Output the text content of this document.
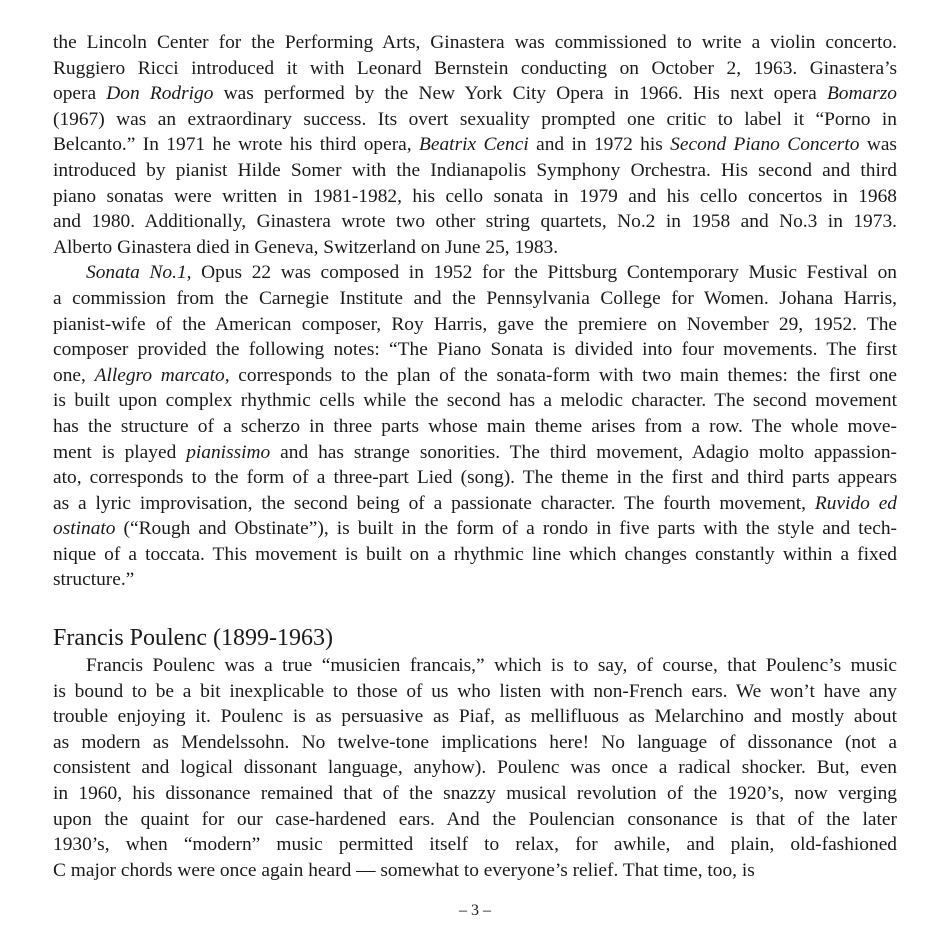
the Lincoln Center for the Performing Arts, Ginastera was commissioned to write a violin concerto.
Ruggiero Ricci introduced it with Leonard Bernstein conducting on October 2, 1963. Ginastera’s
opera Don Rodrigo was performed by the New York City Opera in 1966. His next opera Bomarzo
(1967) was an extraordinary success. Its overt sexuality prompted one critic to label it “Porno in
Belcanto.” In 1971 he wrote his third opera, Beatrix Cenci and in 1972 his Second Piano Concerto was
introduced by pianist Hilde Somer with the Indianapolis Symphony Orchestra. His second and third
piano sonatas were written in 1981-1982, his cello sonata in 1979 and his cello concertos in 1968
and 1980. Additionally, Ginastera wrote two other string quartets, No.2 in 1958 and No.3 in 1973.
Alberto Ginastera died in Geneva, Switzerland on June 25, 1983.
Sonata No.1, Opus 22 was composed in 1952 for the Pittsburg Contemporary Music Festival on
a commission from the Carnegie Institute and the Pennsylvania College for Women. Johana Harris,
pianist-wife of the American composer, Roy Harris, gave the premiere on November 29, 1952. The
composer provided the following notes: “The Piano Sonata is divided into four movements. The first
one, Allegro marcato, corresponds to the plan of the sonata-form with two main themes: the first one
is built upon complex rhythmic cells while the second has a melodic character. The second movement
has the structure of a scherzo in three parts whose main theme arises from a row. The whole move-
ment is played pianissimo and has strange sonorities. The third movement, Adagio molto appassion-
ato, corresponds to the form of a three-part Lied (song). The theme in the first and third parts appears
as a lyric improvisation, the second being of a passionate character. The fourth movement, Ruvido ed
ostinato (“Rough and Obstinate”), is built in the form of a rondo in five parts with the style and tech-
nique of a toccata. This movement is built on a rhythmic line which changes constantly within a fixed
structure.”
Francis Poulenc (1899-1963)
Francis Poulenc was a true “musicien francais,” which is to say, of course, that Poulenc’s music
is bound to be a bit inexplicable to those of us who listen with non-French ears. We won’t have any
trouble enjoying it. Poulenc is as persuasive as Piaf, as mellifluous as Melarchino and mostly about
as modern as Mendelssohn. No twelve-tone implications here! No language of dissonance (not a
consistent and logical dissonant language, anyhow). Poulenc was once a radical shocker. But, even
in 1960, his dissonance remained that of the snazzy musical revolution of the 1920’s, now verging
upon the quaint for our case-hardened ears. And the Poulencian consonance is that of the later
1930’s, when “modern” music permitted itself to relax, for awhile, and plain, old-fashioned
C major chords were once again heard — somewhat to everyone’s relief. That time, too, is
– 3 –
